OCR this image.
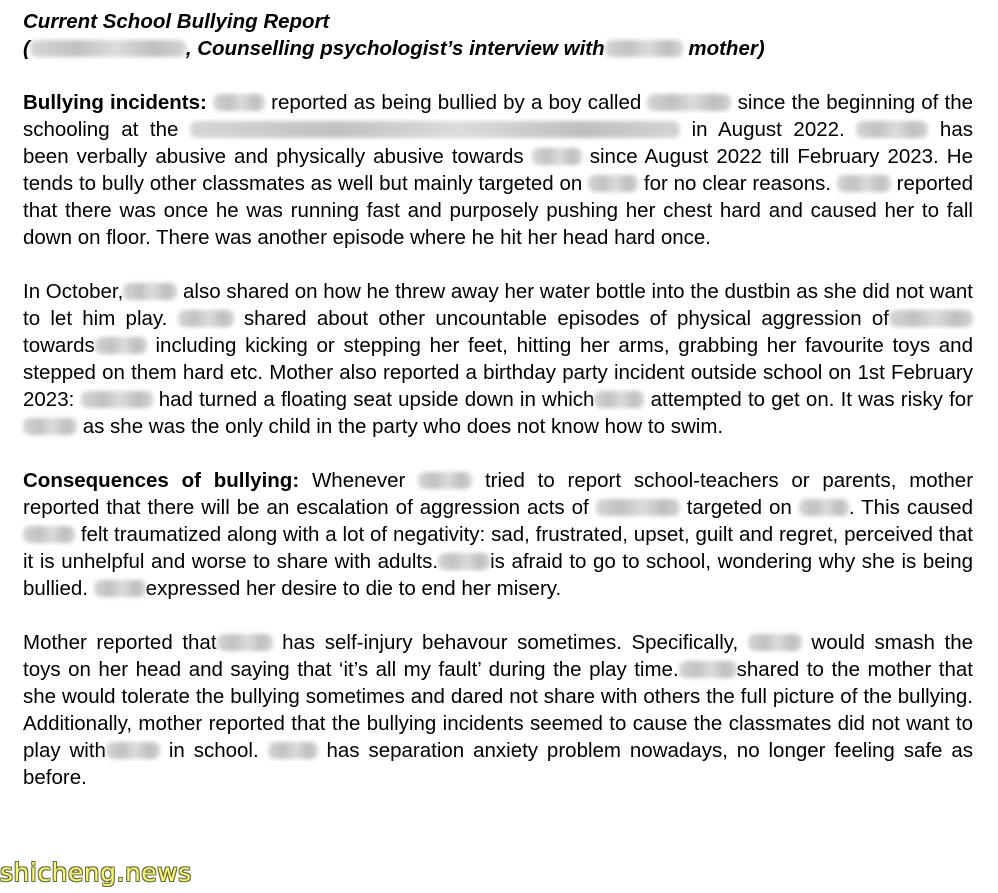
Current School Bullying Report
(	, Counselling psychologist’s interview with	mother)

Bullying incidents:	reported as being bullied by a boy called	since the beginning of the schooling at the	in August 2022.	has been verbally abusive and physically abusive towards	since August 2022 till February 2023. He tends to bully other classmates as well but mainly targeted on	for no clear reasons.	reported that there was once he was running fast and purposely pushing her chest hard and caused her to fall down on floor. There was another episode where he hit her head hard once.

In October,	also shared on how he threw away her water bottle into the dustbin as she did not want to let him play.	shared about other uncountable episodes of physical aggression of towards	including kicking or stepping her feet, hitting her arms, grabbing her favourite toys and stepped on them hard etc. Mother also reported a birthday party incident outside school on 1st February 2023:	had turned a floating seat upside down in which	attempted to get on. It was risky for as she was the only child in the party who does not know how to swim.

Consequences of bullying: Whenever	tried to report school-teachers or parents, mother reported that there will be an escalation of aggression acts of	targeted on	. This caused  felt traumatized along with a lot of negativity: sad, frustrated, upset, guilt and regret, perceived that it is unhelpful and worse to share with adults.	is afraid to go to school, wondering why she is being bullied.	expressed her desire to die to end her misery.

Mother reported that	has self-injury behavour sometimes. Specifically,	would smash the toys on her head and saying that ‘it’s all my fault’ during the play time.	shared to the mother that she would tolerate the bullying sometimes and dared not share with others the full picture of the bullying. Additionally, mother reported that the bullying incidents seemed to cause the classmates did not want to play with	in school.	has separation anxiety problem nowadays, no longer feeling safe as before.

shicheng.news
